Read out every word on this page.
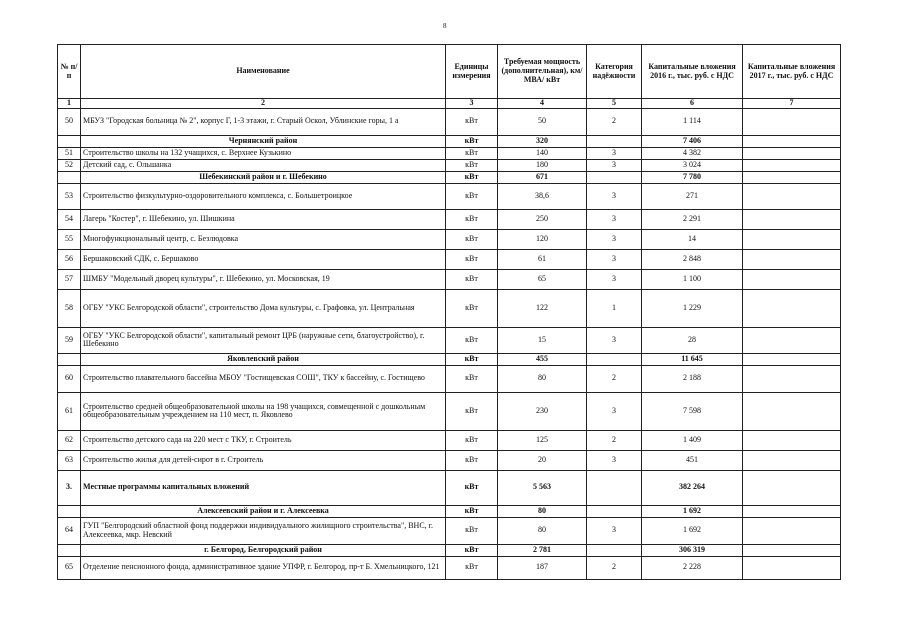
8
№ п/п	Наименование	Единицы измерения	Требуемая мощность (дополнительная), км/ МВА/ кВт	Категория надёжности	Капитальные вложения 2016 г., тыс. руб. с НДС	Капитальные вложения 2017 г., тыс. руб. с НДС
1	2	3	4	5	6	7
50	МБУЗ "Городская больница № 2", корпус Г, 1-3 этажи, г. Старый Оскол, Ублинские горы, 1 а	кВт	50	2	1 114	
	Чернянский район	кВт	320		7 406	
51	Строительство школы на 132 учащихся, с. Верхнее Кузькино	кВт	140	3	4 382	
52	Детский сад, с. Ольшанка	кВт	180	3	3 024	
	Шебекинский район и г. Шебекино	кВт	671		7 780	
53	Строительство физкультурно-оздоровительного комплекса, с. Большетроицкое	кВт	38,6	3	271	
54	Лагерь "Костер", г. Шебекино, ул. Шишкина	кВт	250	3	2 291	
55	Многофункциональный центр, с. Безлюдовка	кВт	120	3	14	
56	Бершаковский СДК, с. Бершаково	кВт	61	3	2 848	
57	ШМБУ "Модельный дворец культуры", г. Шебекино, ул. Московская, 19	кВт	65	3	1 100	
58	ОГБУ "УКС Белгородской области", строительство Дома культуры, с. Графовка, ул. Центральная	кВт	122	1	1 229	
59	ОГБУ "УКС Белгородской области", капитальный ремонт ЦРБ (наружные сети, благоустройство), г. Шебекино	кВт	15	3	28	
	Яковлевский район	кВт	455		11 645	
60	Строительство плавательного бассейна МБОУ "Гостищевская СОШ", ТКУ к бассейну, с. Гостищево	кВт	80	2	2 188	
61	Строительство средней общеобразовательной школы на 198 учащихся, совмещенной с дошкольным общеобразовательным учреждением на 110 мест, п. Яковлево	кВт	230	3	7 598	
62	Строительство детского сада на 220 мест с ТКУ, г. Строитель	кВт	125	2	1 409	
63	Строительство жилья для детей-сирот в г. Строитель	кВт	20	3	451	
3.	Местные программы капитальных вложений	кВт	5 563		382 264	
	Алексеевский район и г. Алексеевка	кВт	80		1 692	
64	ГУП "Белгородский областной фонд поддержки индивидуального жилищного строительства", ВНС, г. Алексеевка, мкр. Невский	кВт	80	3	1 692	
	г. Белгород, Белгородский район	кВт	2 781		306 319	
65	Отделение пенсионного фонда, административное здание УПФР, г. Белгород, пр-т Б. Хмельницкого, 121	кВт	187	2	2 228	
